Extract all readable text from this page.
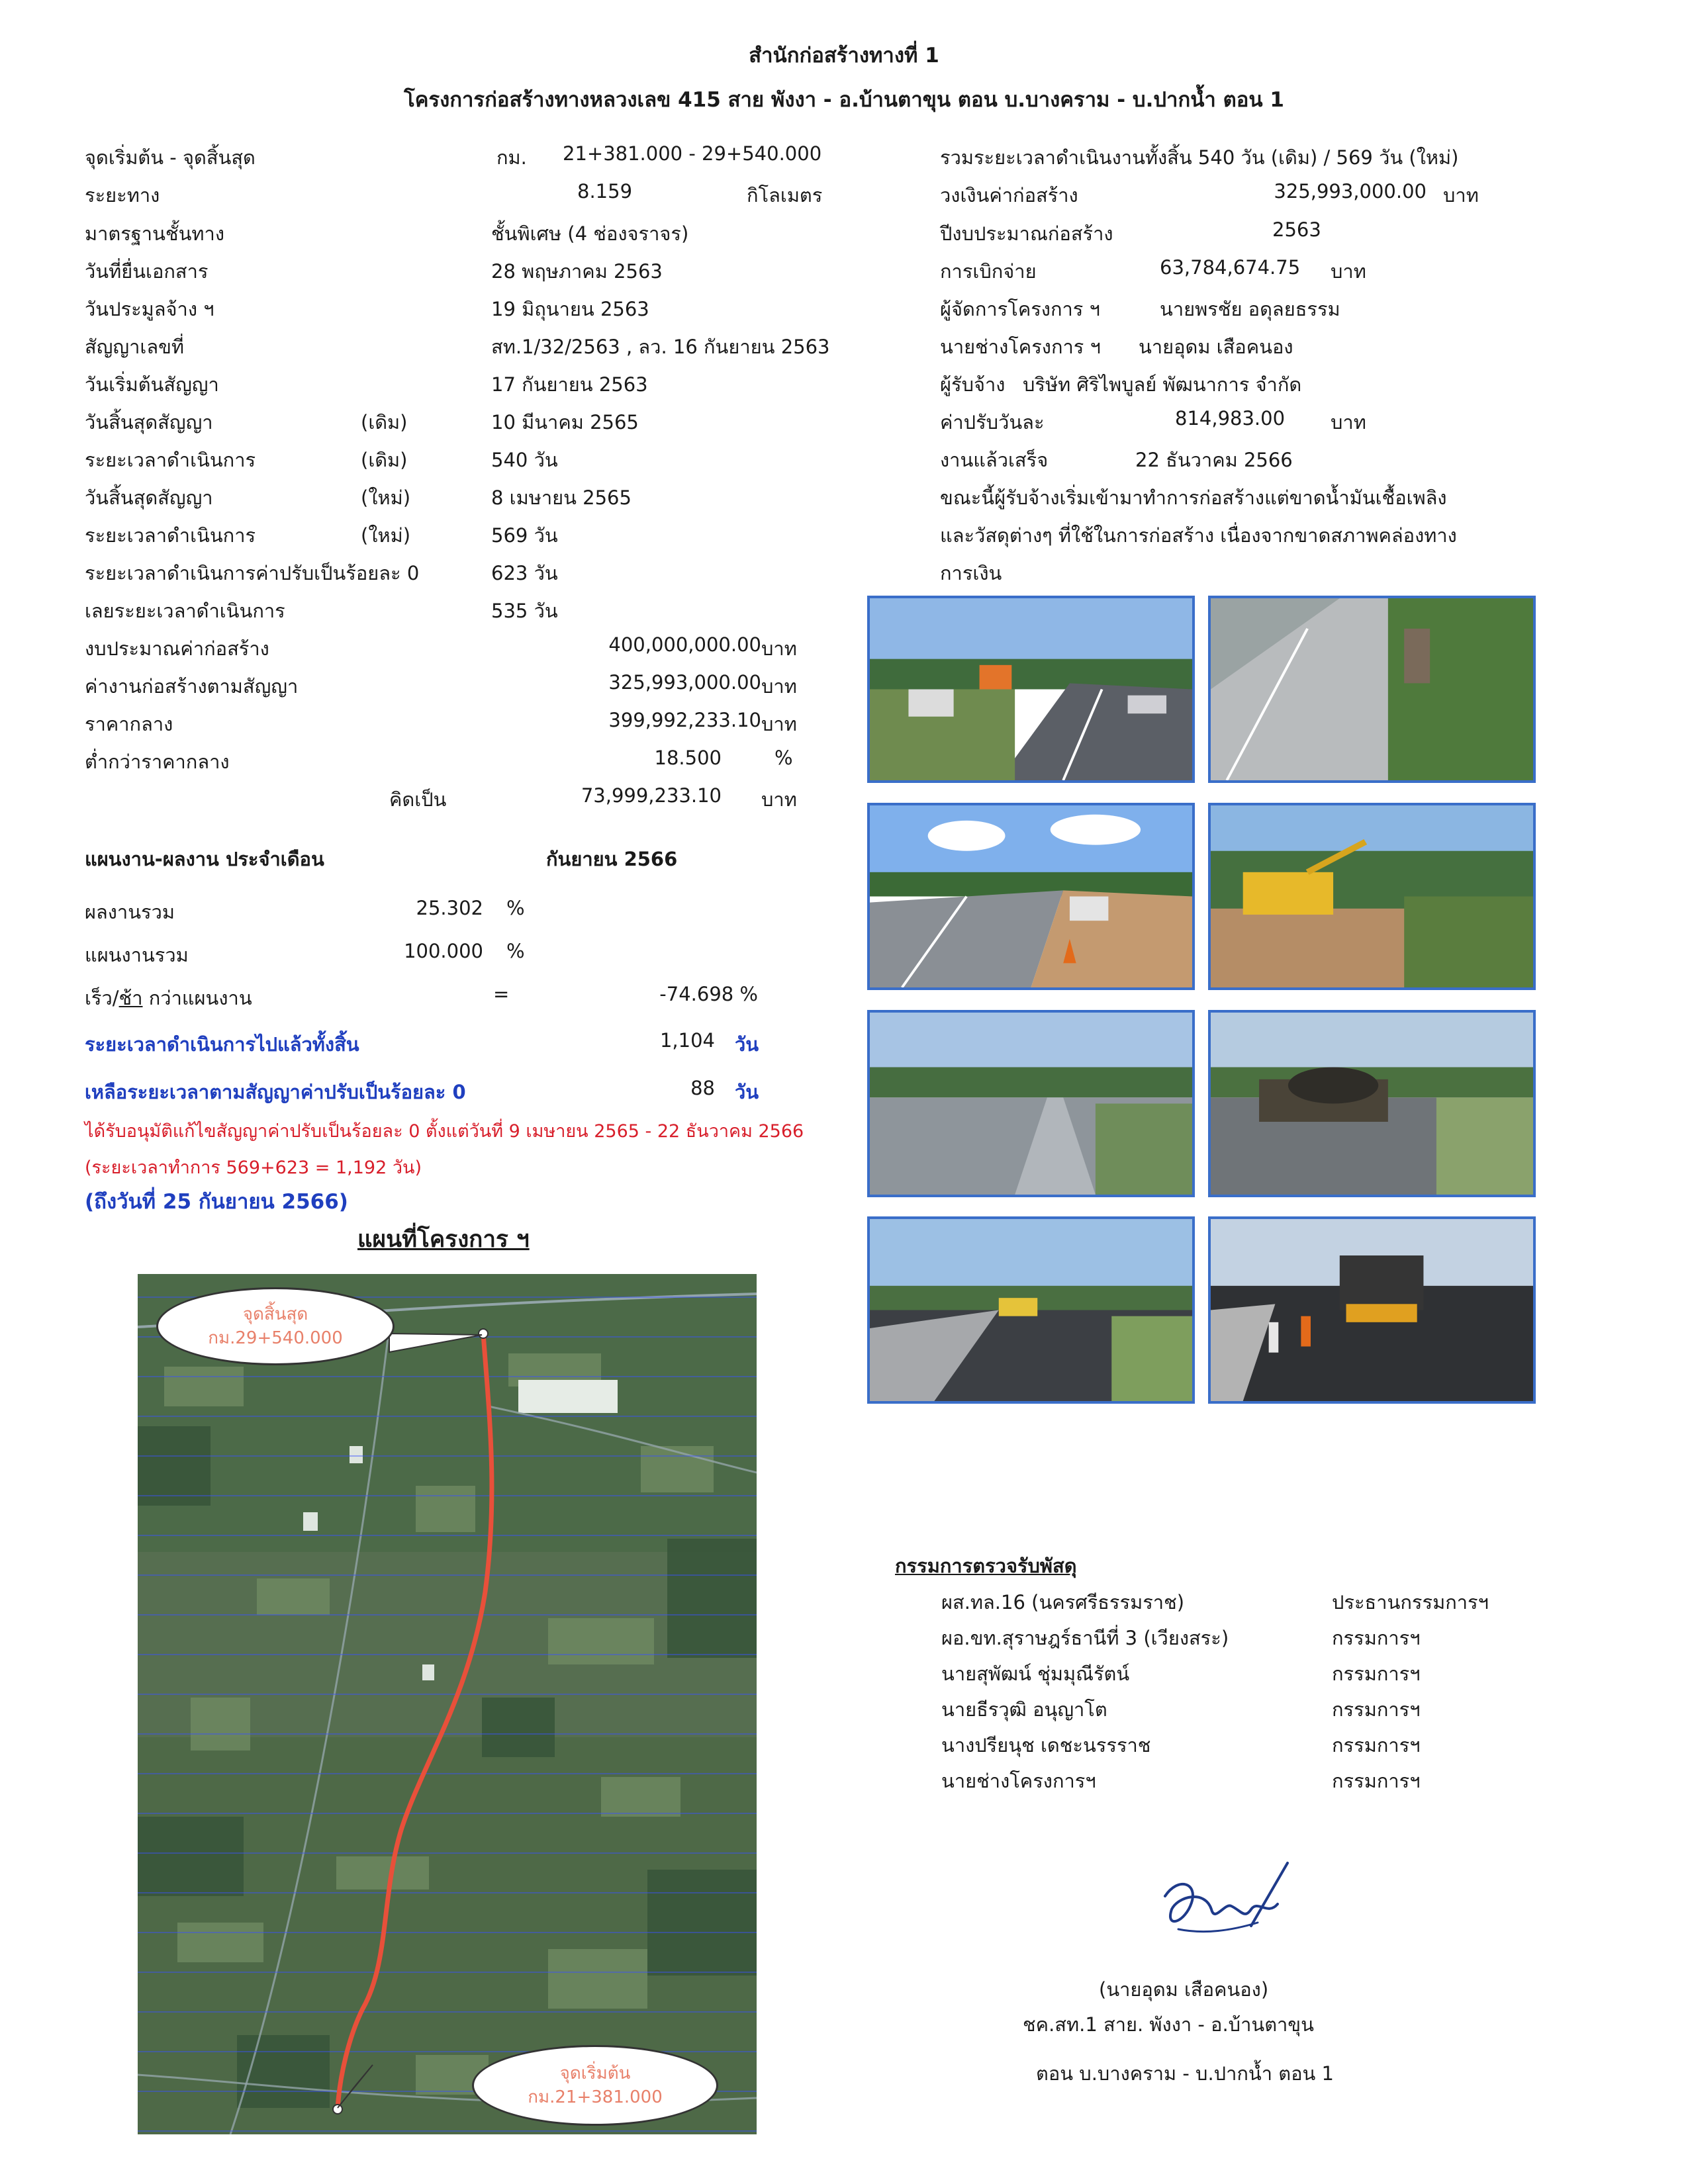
สำนักก่อสร้างทางที่ 1
โครงการก่อสร้างทางหลวงเลข 415 สาย พังงา - อ.บ้านตาขุน ตอน บ.บางคราม - บ.ปากน้ำ ตอน 1
จุดเริ่มต้น - จุดสิ้นสุด	กม. 21+381.000 - 29+540.000
ระยะทาง	8.159	กิโลเมตร
มาตรฐานชั้นทาง	ชั้นพิเศษ (4 ช่องจราจร)
วันที่ยื่นเอกสาร	28 พฤษภาคม 2563
วันประมูลจ้าง ฯ	19 มิถุนายน 2563
สัญญาเลขที่	สท.1/32/2563 , ลว. 16 กันยายน 2563
วันเริ่มต้นสัญญา	17 กันยายน 2563
วันสิ้นสุดสัญญา	(เดิม)	10 มีนาคม 2565
ระยะเวลาดำเนินการ	(เดิม)	540 วัน
วันสิ้นสุดสัญญา	(ใหม่)	8 เมษายน 2565
ระยะเวลาดำเนินการ	(ใหม่)	569 วัน
ระยะเวลาดำเนินการค่าปรับเป็นร้อยละ 0	623 วัน
เลยระยะเวลาดำเนินการ	535 วัน
งบประมาณค่าก่อสร้าง	400,000,000.00 บาท
ค่างานก่อสร้างตามสัญญา	325,993,000.00 บาท
ราคากลาง	399,992,233.10 บาท
ต่ำกว่าราคากลาง	18.500	%
คิดเป็น	73,999,233.10 บาท
แผนงาน-ผลงาน ประจำเดือน	กันยายน 2566
ผลงานรวม	25.302 %
แผนงานรวม	100.000 %
เร็ว/ช้า กว่าแผนงาน	=	-74.698 %
ระยะเวลาดำเนินการไปแล้วทั้งสิ้น	1,104 วัน
เหลือระยะเวลาตามสัญญาค่าปรับเป็นร้อยละ 0	88 วัน
ได้รับอนุมัติแก้ไขสัญญาค่าปรับเป็นร้อยละ 0 ตั้งแต่วันที่ 9 เมษายน 2565 - 22 ธันวาคม 2566
(ระยะเวลาทำการ 569+623 = 1,192 วัน)
(ถึงวันที่ 25 กันยายน 2566)
แผนที่โครงการ ฯ
จุดสิ้นสุด
กม.29+540.000
จุดเริ่มต้น
กม.21+381.000
รวมระยะเวลาดำเนินงานทั้งสิ้น 540 วัน (เดิม) / 569 วัน (ใหม่)
วงเงินค่าก่อสร้าง	325,993,000.00 บาท
ปีงบประมาณก่อสร้าง	2563
การเบิกจ่าย	63,784,674.75 บาท
ผู้จัดการโครงการ ฯ	นายพรชัย อดุลยธรรม
นายช่างโครงการ ฯ นายอุดม เสือคนอง
ผู้รับจ้าง บริษัท ศิริไพบูลย์ พัฒนาการ จำกัด
ค่าปรับวันละ	814,983.00 บาท
งานแล้วเสร็จ	22 ธันวาคม 2566
ขณะนี้ผู้รับจ้างเริ่มเข้ามาทำการก่อสร้างแต่ขาดน้ำมันเชื้อเพลิง
และวัสดุต่างๆ ที่ใช้ในการก่อสร้าง เนื่องจากขาดสภาพคล่องทาง
การเงิน
กรรมการตรวจรับพัสดุ
ผส.ทล.16 (นครศรีธรรมราช)	ประธานกรรมการฯ
ผอ.ขท.สุราษฎร์ธานีที่ 3 (เวียงสระ)	กรรมการฯ
นายสุพัฒน์ ชุ่มมุณีรัตน์	กรรมการฯ
นายธีรวุฒิ อนุญาโต	กรรมการฯ
นางปรียนุช เดชะนรรราช	กรรมการฯ
นายช่างโครงการฯ	กรรมการฯ
(นายอุดม เสือคนอง)
ชค.สท.1 สาย. พังงา - อ.บ้านตาขุน
ตอน บ.บางคราม - บ.ปากน้ำ ตอน 1
